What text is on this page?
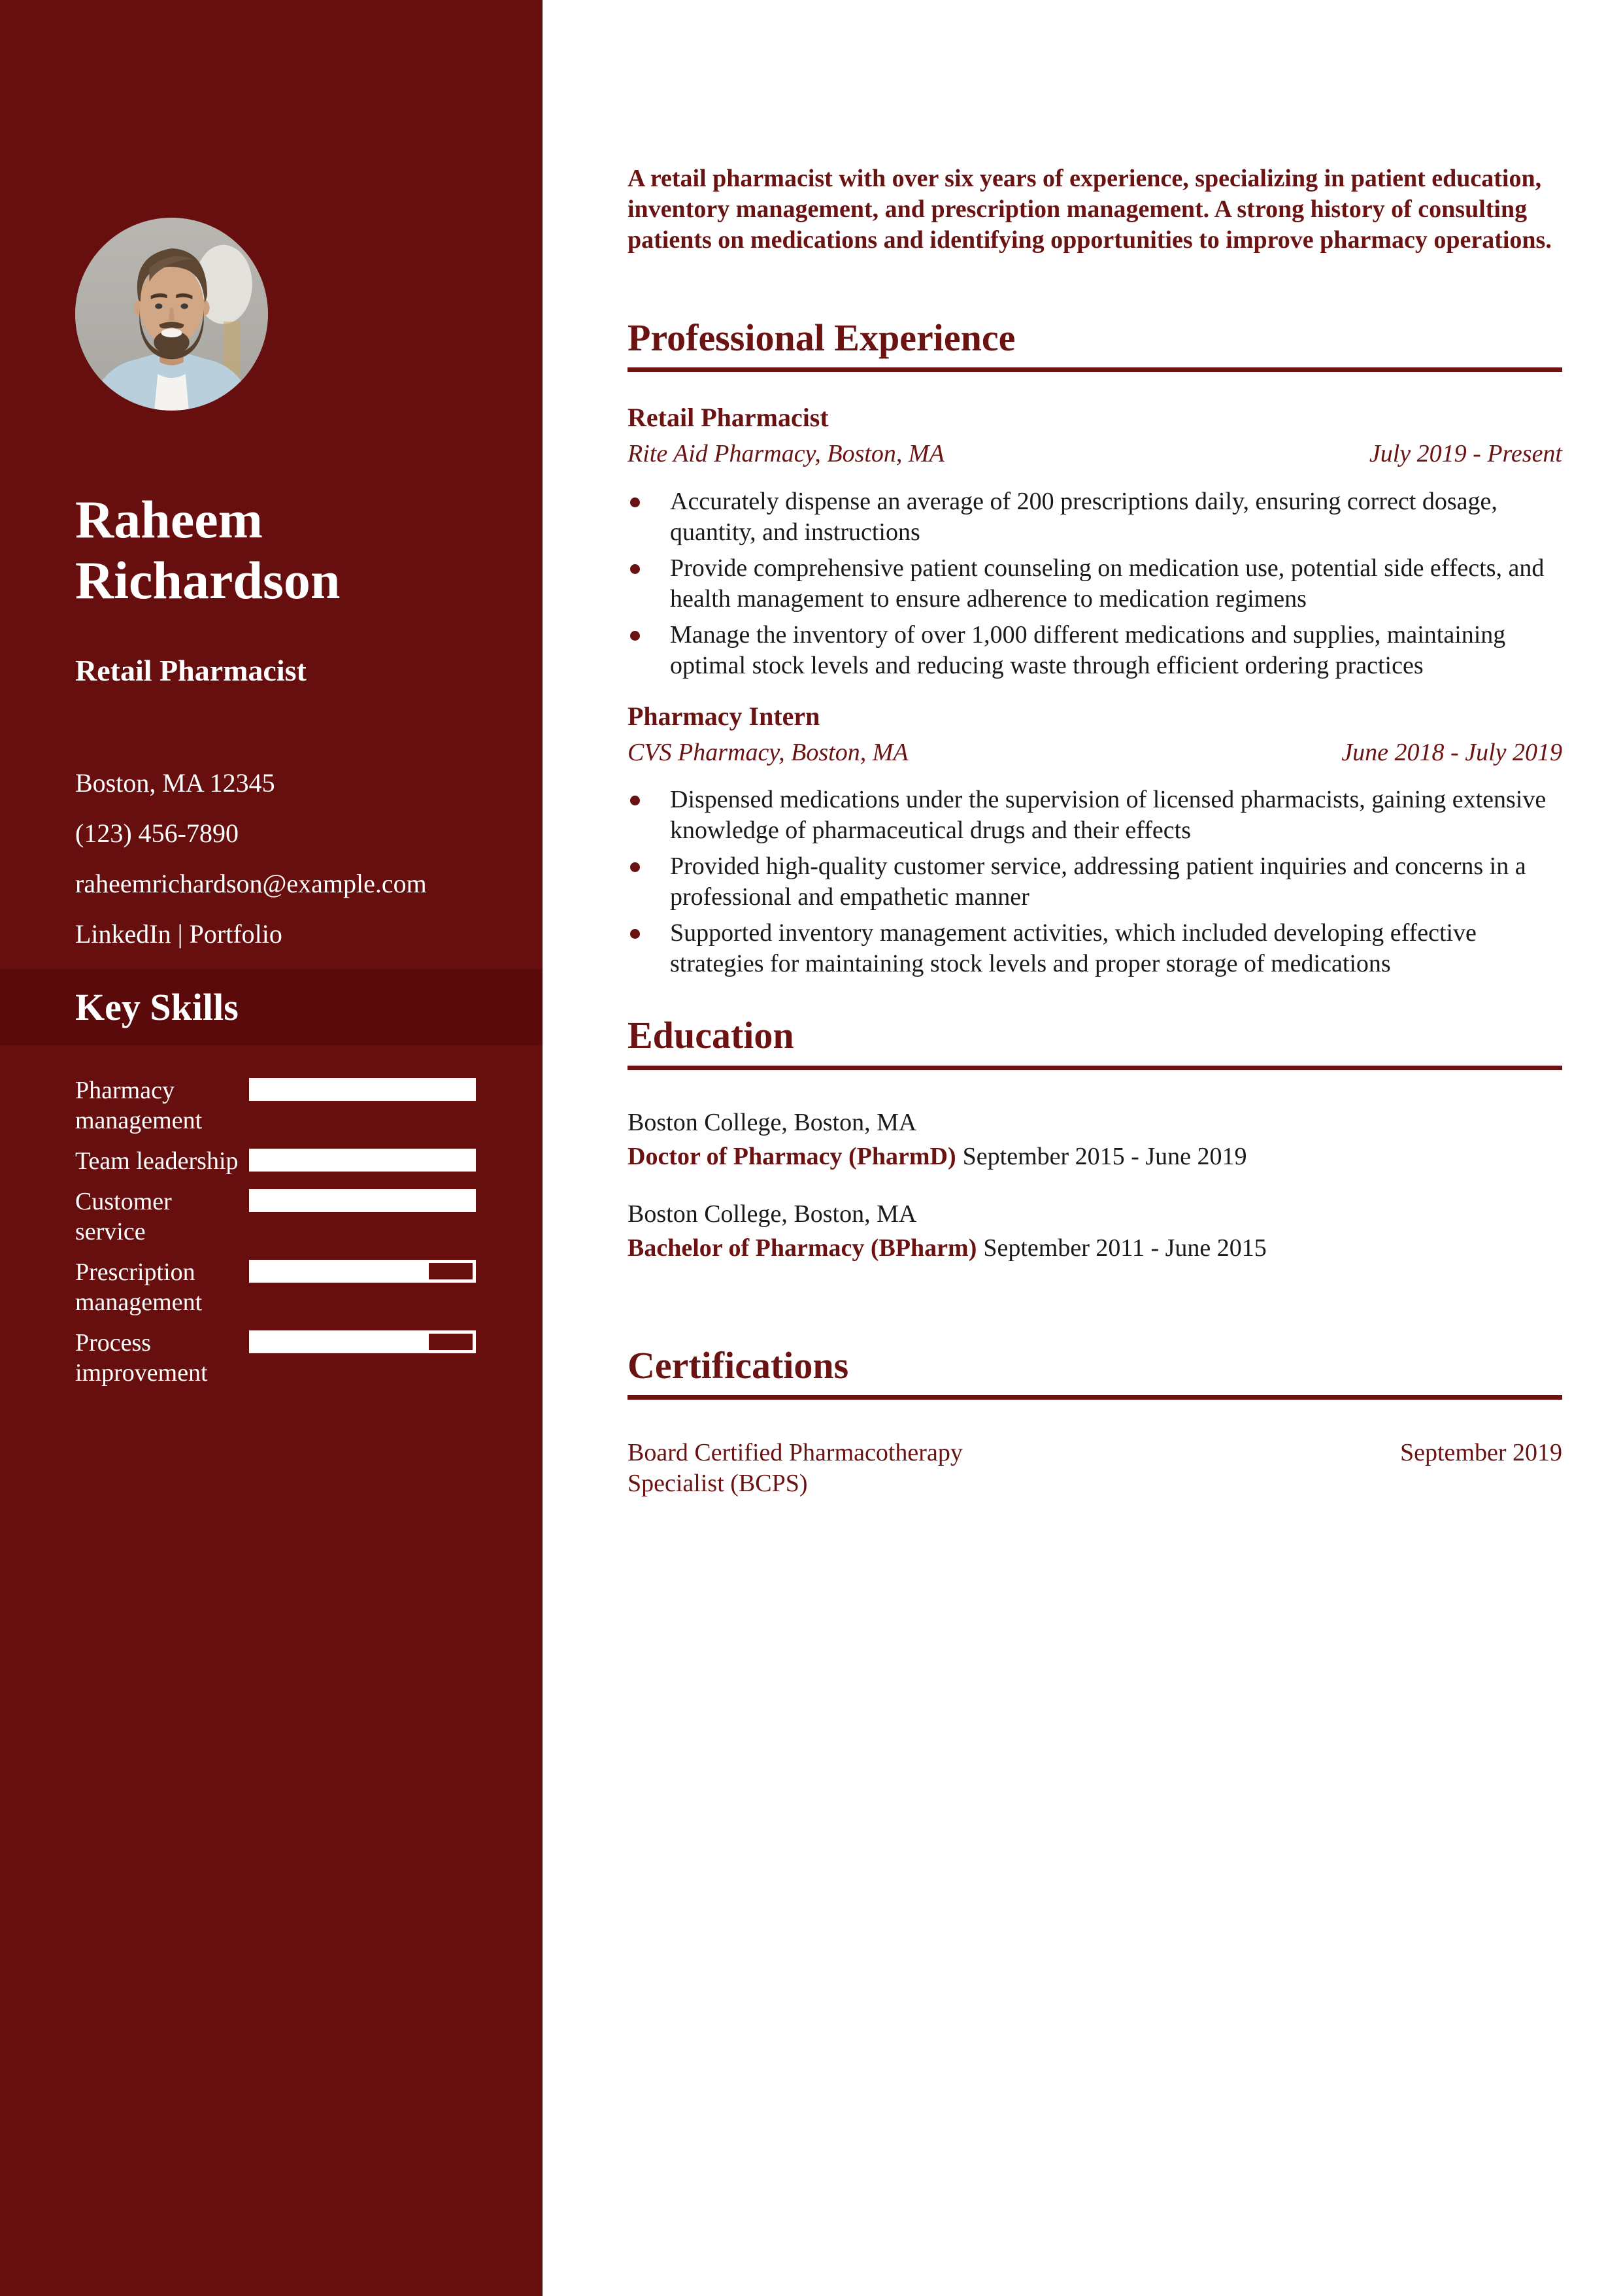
Raheem Richardson
Retail Pharmacist
Boston, MA 12345
(123) 456-7890
raheemrichardson@example.com
LinkedIn | Portfolio
Key Skills
Pharmacy management
Team leadership
Customer service
Prescription management
Process improvement

A retail pharmacist with over six years of experience, specializing in patient education, inventory management, and prescription management. A strong history of consulting patients on medications and identifying opportunities to improve pharmacy operations.

Professional Experience
Retail Pharmacist
Rite Aid Pharmacy, Boston, MA	July 2019 - Present
Accurately dispense an average of 200 prescriptions daily, ensuring correct dosage, quantity, and instructions
Provide comprehensive patient counseling on medication use, potential side effects, and health management to ensure adherence to medication regimens
Manage the inventory of over 1,000 different medications and supplies, maintaining optimal stock levels and reducing waste through efficient ordering practices
Pharmacy Intern
CVS Pharmacy, Boston, MA	June 2018 - July 2019
Dispensed medications under the supervision of licensed pharmacists, gaining extensive knowledge of pharmaceutical drugs and their effects
Provided high-quality customer service, addressing patient inquiries and concerns in a professional and empathetic manner
Supported inventory management activities, which included developing effective strategies for maintaining stock levels and proper storage of medications
Education
Boston College, Boston, MA
Doctor of Pharmacy (PharmD) September 2015 - June 2019
Boston College, Boston, MA
Bachelor of Pharmacy (BPharm) September 2011 - June 2015
Certifications
Board Certified Pharmacotherapy Specialist (BCPS)
September 2019
